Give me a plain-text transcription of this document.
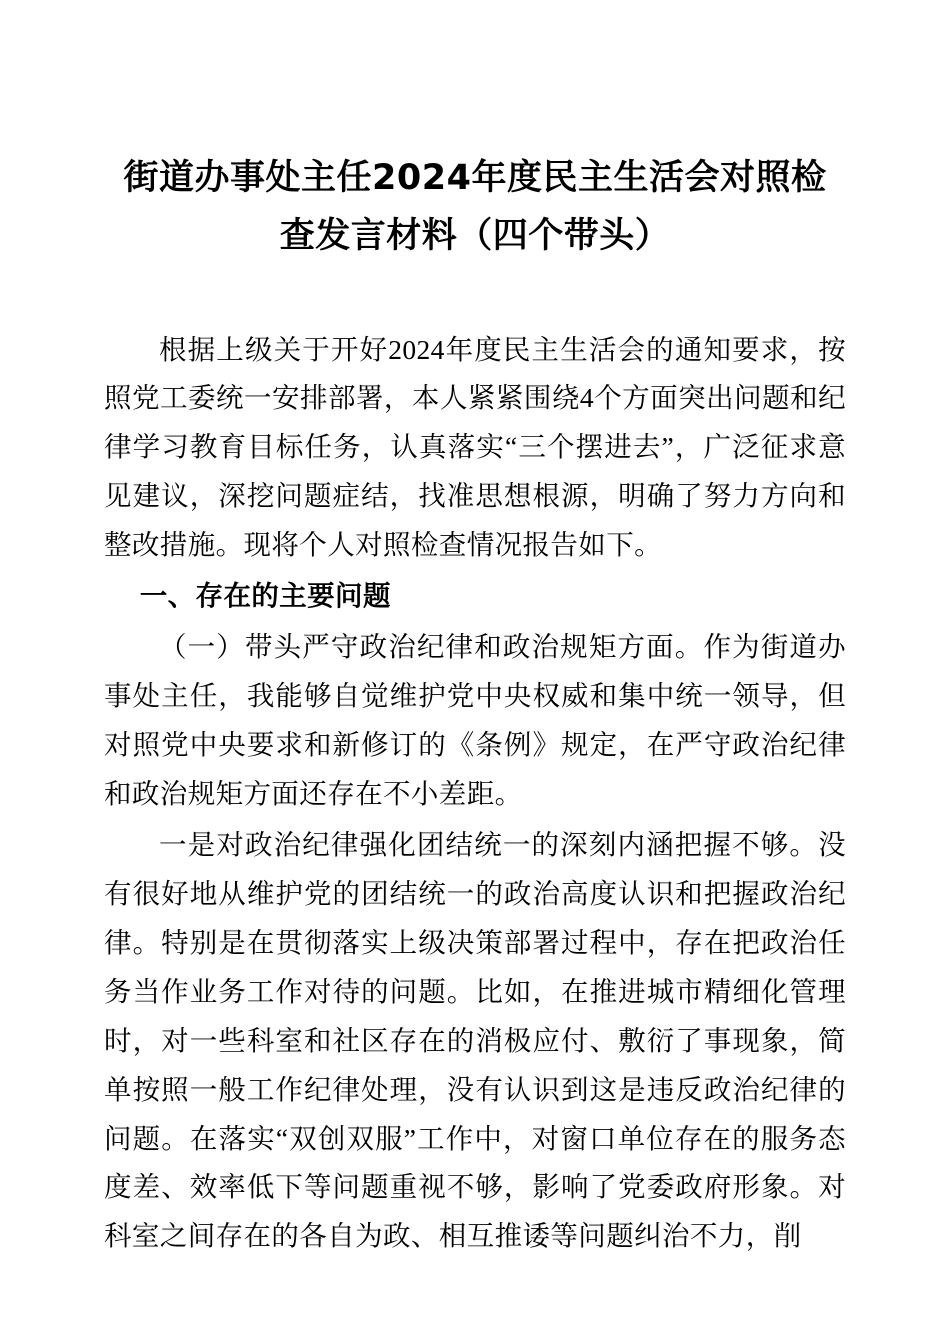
街道办事处主任2024年度民主生活会对照检查发言材料（四个带头）

根据上级关于开好2024年度民主生活会的通知要求，按照党工委统一安排部署，本人紧紧围绕4个方面突出问题和纪律学习教育目标任务，认真落实“三个摆进去”，广泛征求意见建议，深挖问题症结，找准思想根源，明确了努力方向和整改措施。现将个人对照检查情况报告如下。

一、存在的主要问题

（一）带头严守政治纪律和政治规矩方面。作为街道办事处主任，我能够自觉维护党中央权威和集中统一领导，但对照党中央要求和新修订的《条例》规定，在严守政治纪律和政治规矩方面还存在不小差距。

一是对政治纪律强化团结统一的深刻内涵把握不够。没有很好地从维护党的团结统一的政治高度认识和把握政治纪律。特别是在贯彻落实上级决策部署过程中，存在把政治任务当作业务工作对待的问题。比如，在推进城市精细化管理时，对一些科室和社区存在的消极应付、敷衍了事现象，简单按照一般工作纪律处理，没有认识到这是违反政治纪律的问题。在落实“双创双服”工作中，对窗口单位存在的服务态度差、效率低下等问题重视不够，影响了党委政府形象。对科室之间存在的各自为政、相互推诿等问题纠治不力，削
